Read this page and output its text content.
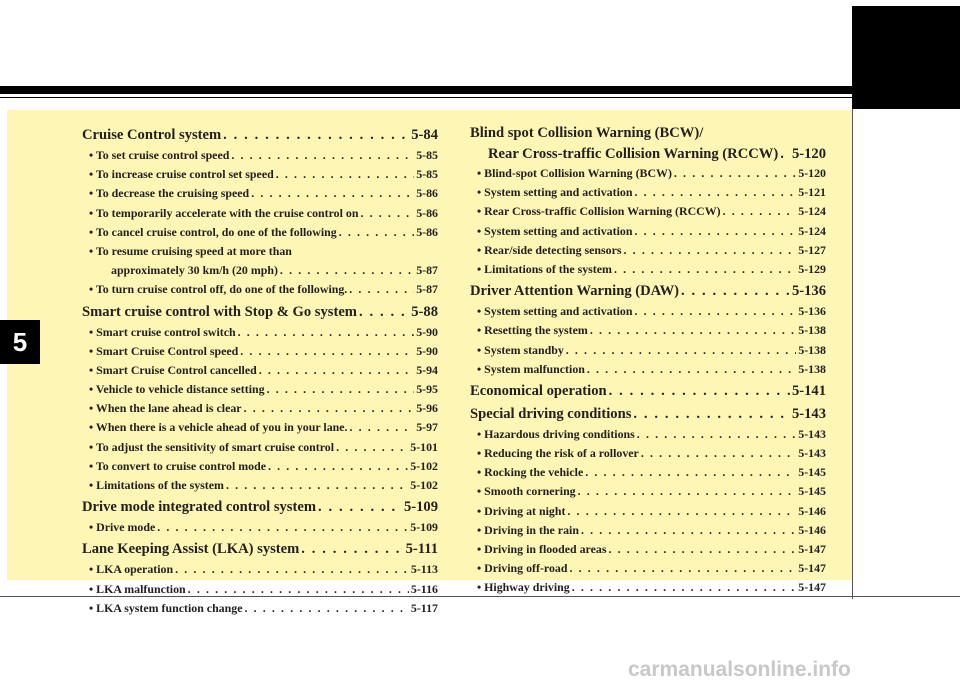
5
Cruise Control system . . .	5-84
• To set cruise control speed . . .	5-85
• To increase cruise control set speed . . .	5-85
• To decrease the cruising speed . . .	5-86
• To temporarily accelerate with the cruise control on . . .	5-86
• To cancel cruise control, do one of the following . . .	5-86
• To resume cruising speed at more than
approximately 30 km/h (20 mph) . . .	5-87
• To turn cruise control off, do one of the following. . . .	5-87
Smart cruise control with Stop & Go system . . .	5-88
• Smart cruise control switch . . .	5-90
• Smart Cruise Control speed . . .	5-90
• Smart Cruise Control cancelled . . .	5-94
• Vehicle to vehicle distance setting . . .	5-95
• When the lane ahead is clear . . .	5-96
• When there is a vehicle ahead of you in your lane. . . .	5-97
• To adjust the sensitivity of smart cruise control . . .	5-101
• To convert to cruise control mode . . .	5-102
• Limitations of the system . . .	5-102
Drive mode integrated control system . . .	5-109
• Drive mode . . .	5-109
Lane Keeping Assist (LKA) system . . .	5-111
• LKA operation . . .	5-113
• LKA malfunction . . .	5-116
• LKA system function change . . .	5-117
Blind spot Collision Warning (BCW)/
Rear Cross-traffic Collision Warning (RCCW) . . . 5-120
• Blind-spot Collision Warning (BCW) . . .	5-120
• System setting and activation . . .	5-121
• Rear Cross-traffic Collision Warning (RCCW) . . .	5-124
• System setting and activation . . .	5-124
• Rear/side detecting sensors . . .	5-127
• Limitations of the system . . .	5-129
Driver Attention Warning (DAW) . . .	5-136
• System setting and activation . . .	5-136
• Resetting the system . . .	5-138
• System standby . . .	5-138
• System malfunction . . .	5-138
Economical operation . . .	5-141
Special driving conditions . . .	5-143
• Hazardous driving conditions . . .	5-143
• Reducing the risk of a rollover . . .	5-143
• Rocking the vehicle . . .	5-145
• Smooth cornering . . .	5-145
• Driving at night . . .	5-146
• Driving in the rain . . .	5-146
• Driving in flooded areas . . .	5-147
• Driving off-road . . .	5-147
• Highway driving . . .	5-147
carmanualsonline.info
